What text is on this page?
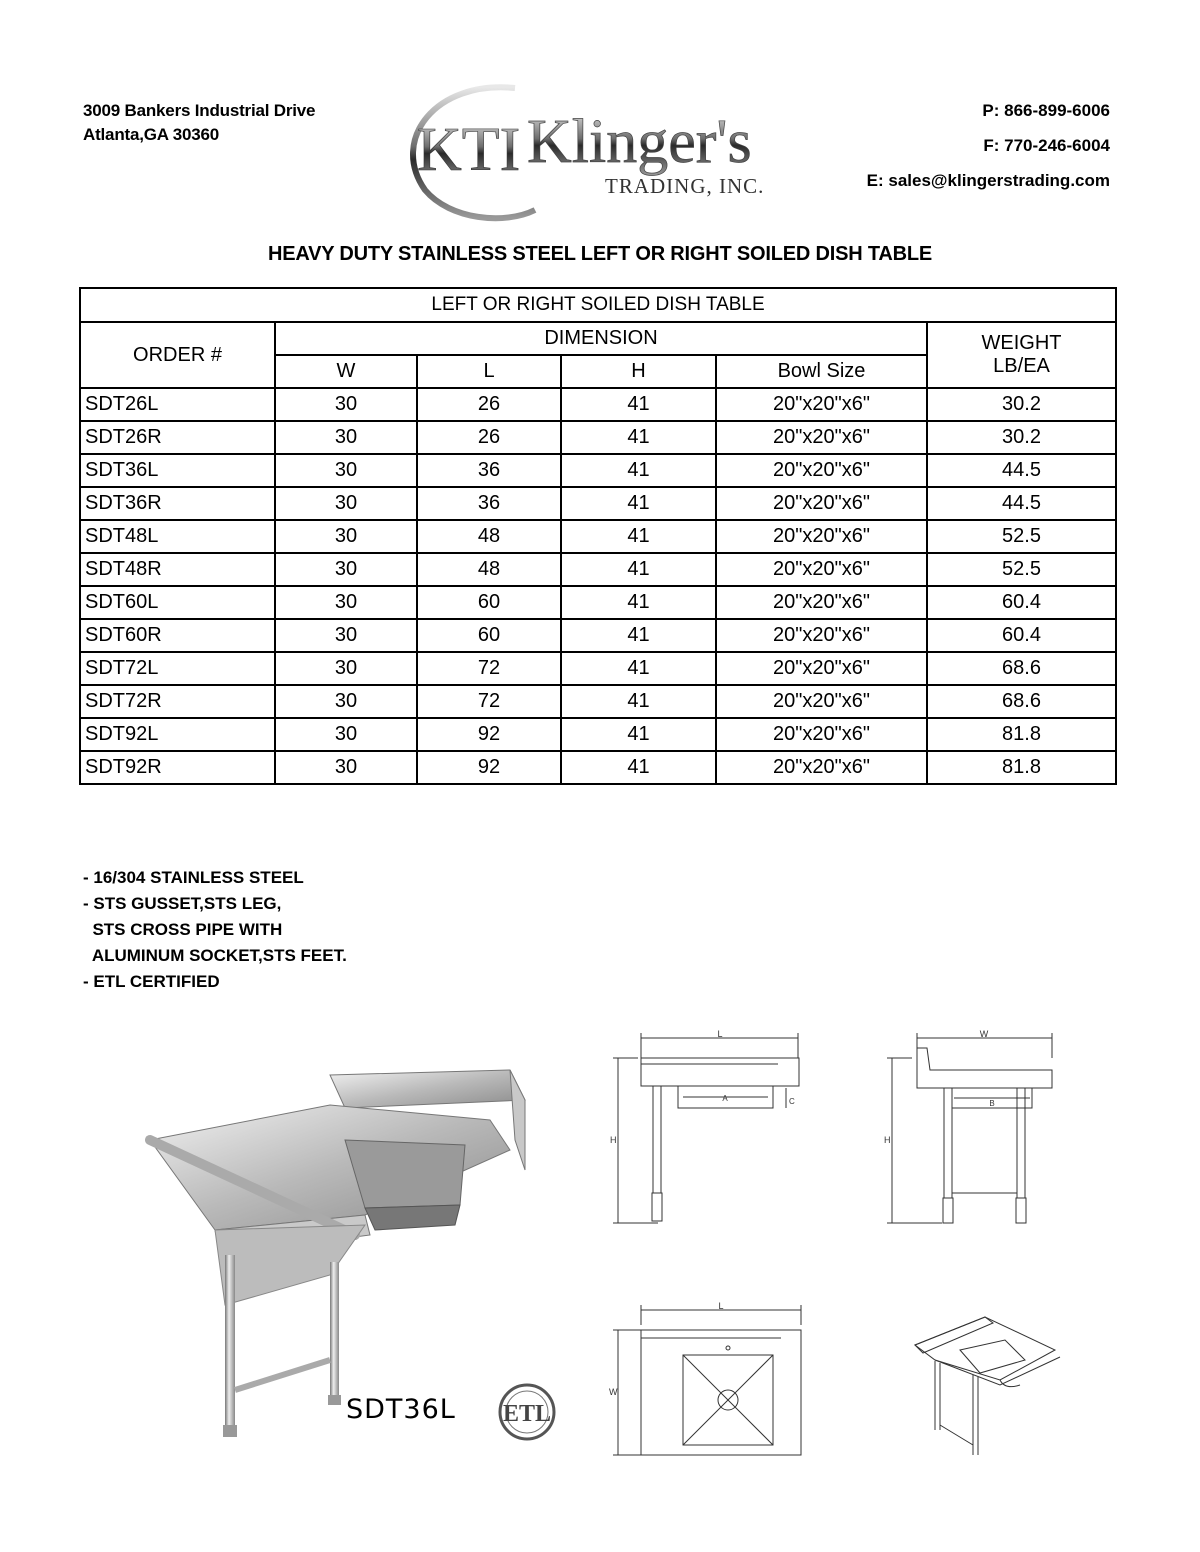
3009 Bankers Industrial Drive
Atlanta,GA 30360	KTI Klinger's
TRADING, INC.
P: 866-899-6006
F: 770-246-6004
E: sales@klingerstrading.com
HEAVY DUTY STAINLESS STEEL LEFT OR RIGHT SOILED DISH TABLE
LEFT OR RIGHT SOILED DISH TABLE					
ORDER #	DIMENSION				WEIGHT
LB/EA

	W	L	H	Bowl Size	
SDT26L	30	26	41	20"x20"x6"	30.2
SDT26R	30	26	41	20"x20"x6"	30.2
SDT36L	30	36	41	20"x20"x6"	44.5
SDT36R	30	36	41	20"x20"x6"	44.5
SDT48L	30	48	41	20"x20"x6"	52.5
SDT48R	30	48	41	20"x20"x6"	52.5
SDT60L	30	60	41	20"x20"x6"	60.4
SDT60R	30	60	41	20"x20"x6"	60.4
SDT72L	30	72	41	20"x20"x6"	68.6
SDT72R	30	72	41	20"x20"x6"	68.6
SDT92L	30	92	41	20"x20"x6"	81.8
SDT92R	30	92	41	20"x20"x6"	81.8
- 16/304 STAINLESS STEEL
- STS GUSSET,STS LEG,
STS CROSS PIPE WITH
ALUMINUM SOCKET,STS FEET.
- ETL CERTIFIED
SDT36L ETL
L
H
A	C
W
H
B
L
W
